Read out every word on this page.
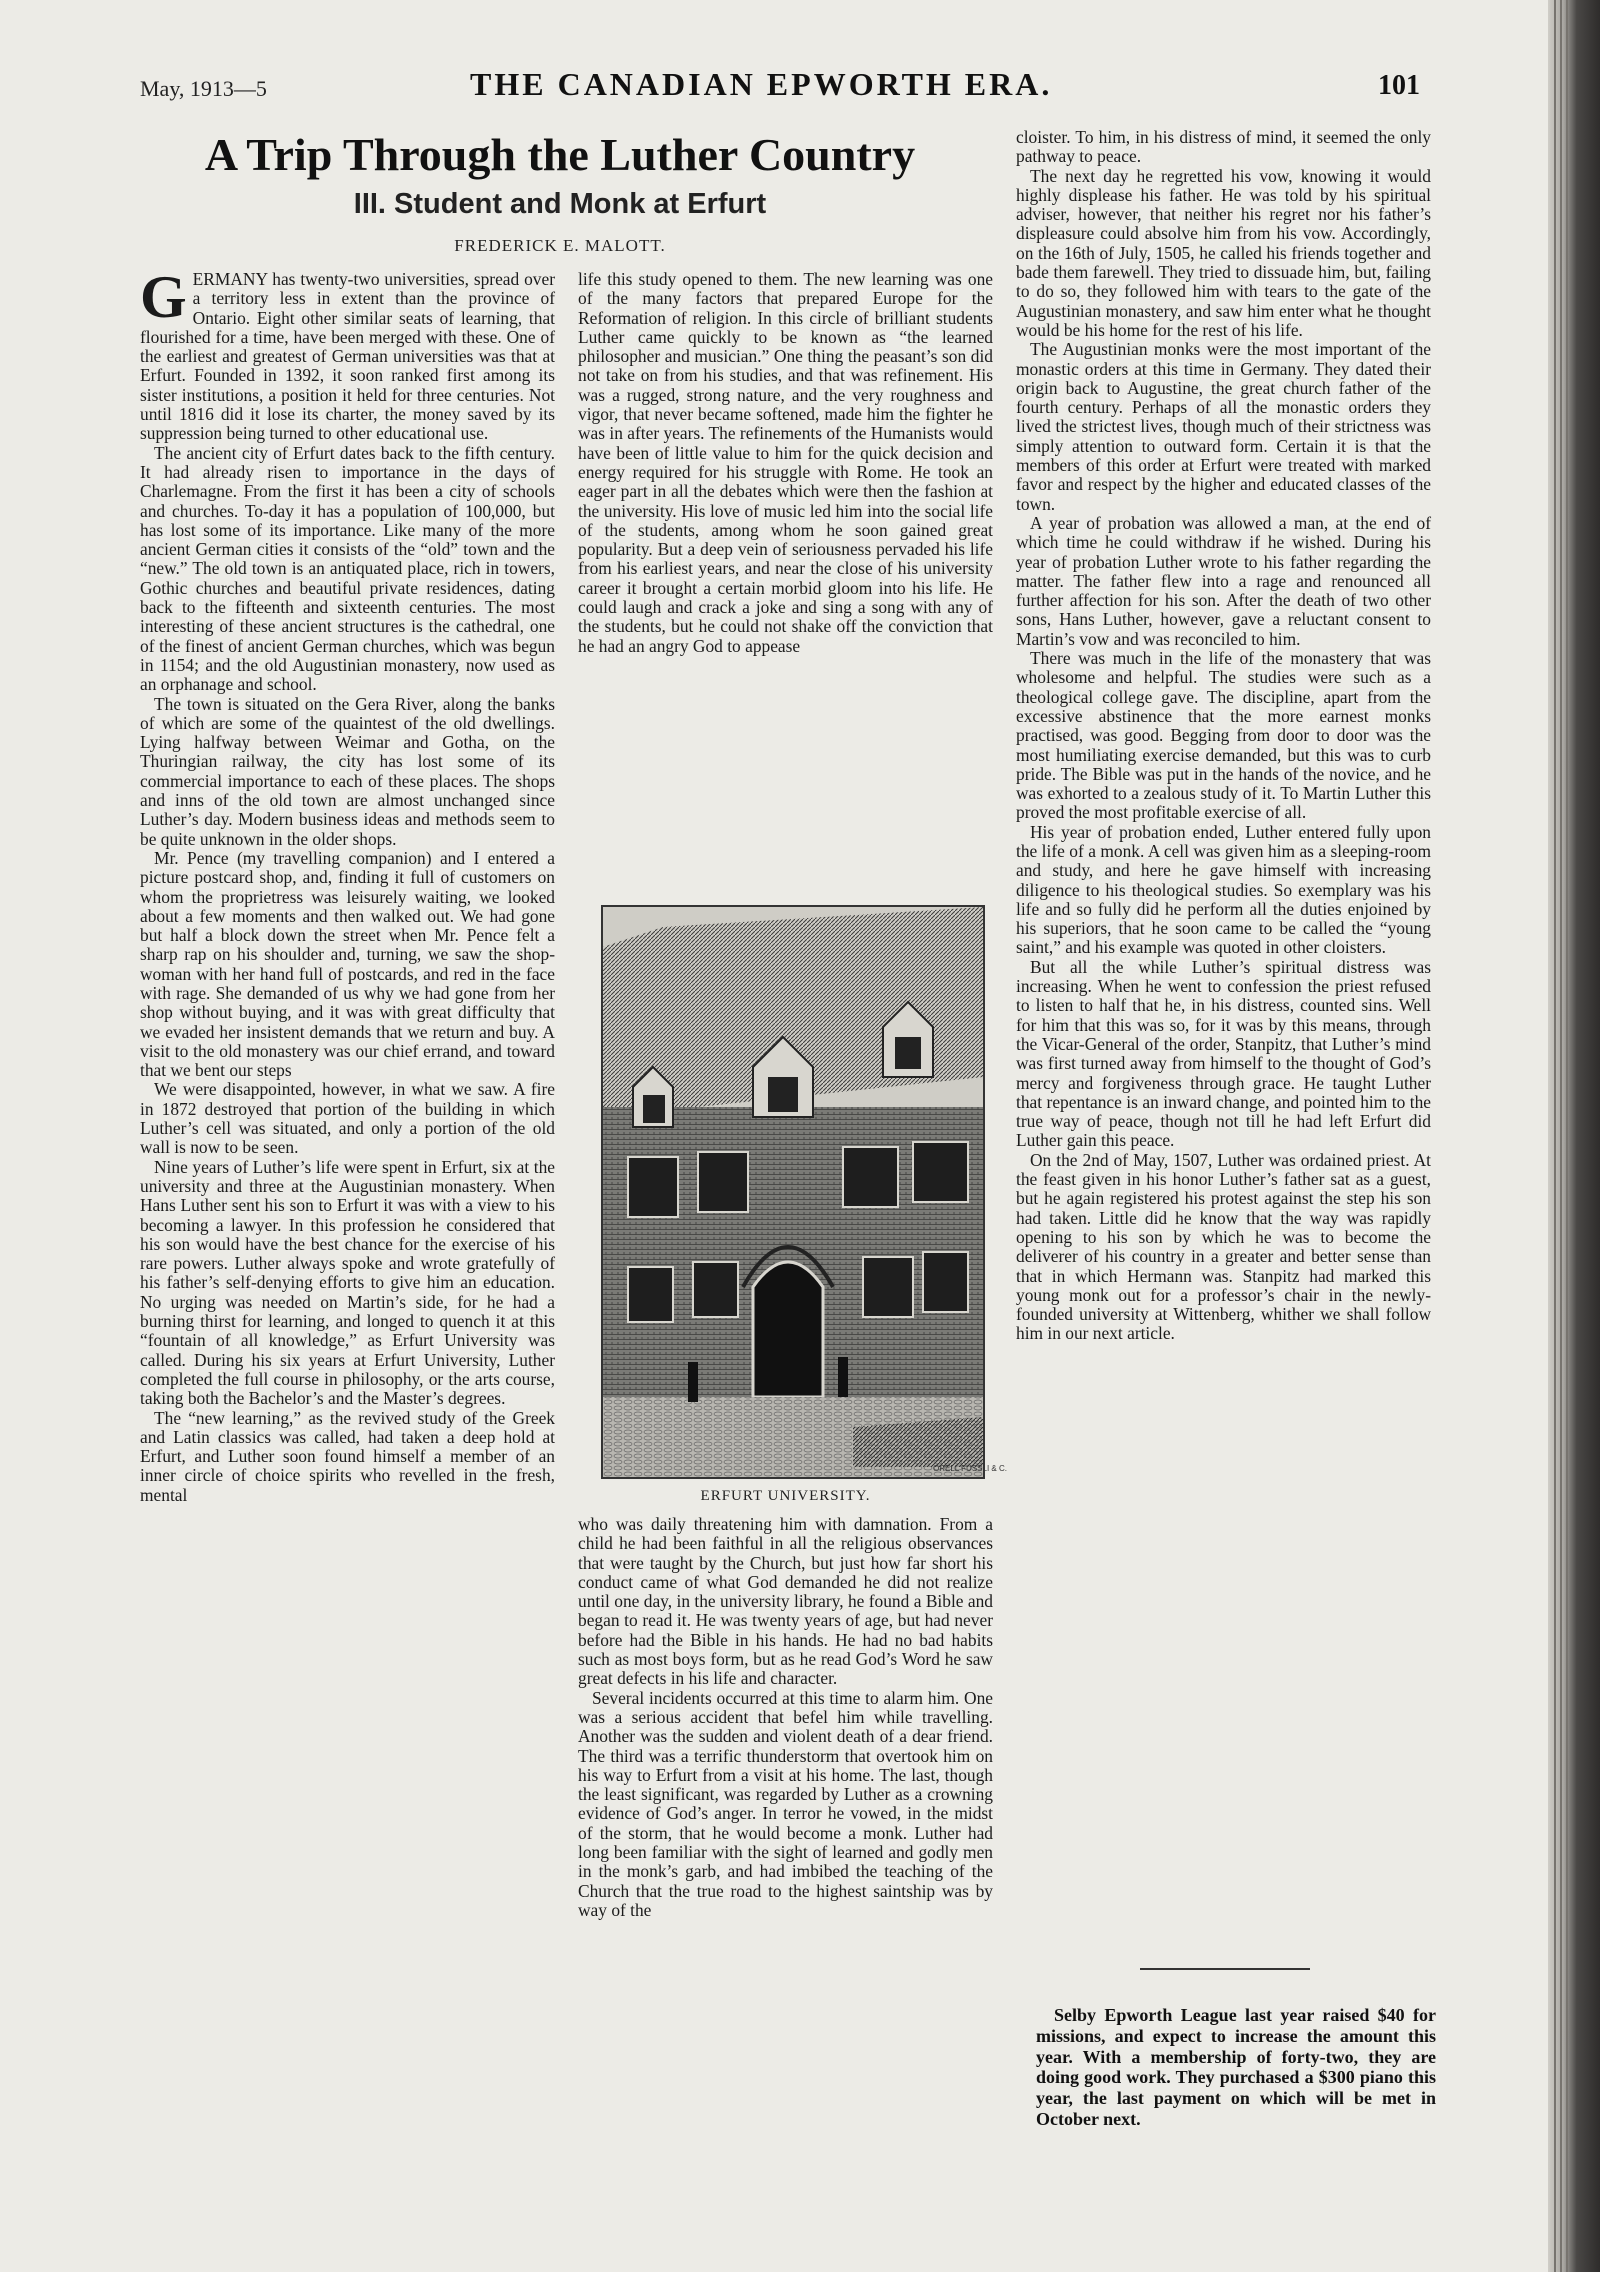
May, 1913—5	THE CANADIAN EPWORTH ERA.	101
A Trip Through the Luther Country
III. Student and Monk at Erfurt
FREDERICK E. MALOTT.

GERMANY has twenty-two universities, spread over a territory less in extent than the province of Ontario. Eight other similar seats of learning, that flourished for a time, have been merged with these. One of the earliest and greatest of German universities was that at Erfurt. Founded in 1392, it soon ranked first among its sister institutions, a position it held for three centuries. Not until 1816 did it lose its charter, the money saved by its suppression being turned to other educational use.

The ancient city of Erfurt dates back to the fifth century. It had already risen to importance in the days of Charlemagne. From the first it has been a city of schools and churches. To-day it has a population of 100,000, but has lost some of its importance. Like many of the more ancient German cities it consists of the “old” town and the “new.” The old town is an antiquated place, rich in towers, Gothic churches and beautiful private residences, dating back to the fifteenth and sixteenth centuries. The most interesting of these ancient structures is the cathedral, one of the finest of ancient German churches, which was begun in 1154; and the old Augustinian monastery, now used as an orphanage and school.

The town is situated on the Gera River, along the banks of which are some of the quaintest of the old dwellings. Lying halfway between Weimar and Gotha, on the Thuringian railway, the city has lost some of its commercial importance to each of these places. The shops and inns of the old town are almost unchanged since Luther’s day. Modern business ideas and methods seem to be quite unknown in the older shops.

Mr. Pence (my travelling companion) and I entered a picture postcard shop, and, finding it full of customers on whom the proprietress was leisurely waiting, we looked about a few moments and then walked out. We had gone but half a block down the street when Mr. Pence felt a sharp rap on his shoulder and, turning, we saw the shop-woman with her hand full of postcards, and red in the face with rage. She demanded of us why we had gone from her shop without buying, and it was with great difficulty that we evaded her insistent demands that we return and buy. A visit to the old monastery was our chief errand, and toward that we bent our steps

We were disappointed, however, in what we saw. A fire in 1872 destroyed that portion of the building in which Luther’s cell was situated, and only a portion of the old wall is now to be seen.

Nine years of Luther’s life were spent in Erfurt, six at the university and three at the Augustinian monastery. When Hans Luther sent his son to Erfurt it was with a view to his becoming a lawyer. In this profession he considered that his son would have the best chance for the exercise of his rare powers. Luther always spoke and wrote gratefully of his father’s self-denying efforts to give him an education. No urging was needed on Martin’s side, for he had a burning thirst for learning, and longed to quench it at this “fountain of all knowledge,” as Erfurt University was called. During his six years at Erfurt University, Luther completed the full course in philosophy, or the arts course, taking both the Bachelor’s and the Master’s degrees.

The “new learning,” as the revived study of the Greek and Latin classics was called, had taken a deep hold at Erfurt, and Luther soon found himself a member of an inner circle of choice spirits who revelled in the fresh, mental

life this study opened to them. The new learning was one of the many factors that prepared Europe for the Reformation of religion. In this circle of brilliant students Luther came quickly to be known as “the learned philosopher and musician.” One thing the peasant’s son did not take on from his studies, and that was refinement. His was a rugged, strong nature, and the very roughness and vigor, that never became softened, made him the fighter he was in after years. The refinements of the Humanists would have been of little value to him for the quick decision and energy required for his struggle with Rome. He took an eager part in all the debates which were then the fashion at the university. His love of music led him into the social life of the students, among whom he soon gained great popularity. But a deep vein of seriousness pervaded his life from his earliest years, and near the close of his university career it brought a certain morbid gloom into his life. He could laugh and crack a joke and sing a song with any of the students, but he could not shake off the conviction that he had an angry God to appease

ORELL FUSSLI & C.
ERFURT UNIVERSITY.

who was daily threatening him with damnation. From a child he had been faithful in all the religious observances that were taught by the Church, but just how far short his conduct came of what God demanded he did not realize until one day, in the university library, he found a Bible and began to read it. He was twenty years of age, but had never before had the Bible in his hands. He had no bad habits such as most boys form, but as he read God’s Word he saw great defects in his life and character.

Several incidents occurred at this time to alarm him. One was a serious accident that befel him while travelling. Another was the sudden and violent death of a dear friend. The third was a terrific thunderstorm that overtook him on his way to Erfurt from a visit at his home. The last, though the least significant, was regarded by Luther as a crowning evidence of God’s anger. In terror he vowed, in the midst of the storm, that he would become a monk. Luther had long been familiar with the sight of learned and godly men in the monk’s garb, and had imbibed the teaching of the Church that the true road to the highest saintship was by way of the

cloister. To him, in his distress of mind, it seemed the only pathway to peace.

The next day he regretted his vow, knowing it would highly displease his father. He was told by his spiritual adviser, however, that neither his regret nor his father’s displeasure could absolve him from his vow. Accordingly, on the 16th of July, 1505, he called his friends together and bade them farewell. They tried to dissuade him, but, failing to do so, they followed him with tears to the gate of the Augustinian monastery, and saw him enter what he thought would be his home for the rest of his life.

The Augustinian monks were the most important of the monastic orders at this time in Germany. They dated their origin back to Augustine, the great church father of the fourth century. Perhaps of all the monastic orders they lived the strictest lives, though much of their strictness was simply attention to outward form. Certain it is that the members of this order at Erfurt were treated with marked favor and respect by the higher and educated classes of the town.

A year of probation was allowed a man, at the end of which time he could withdraw if he wished. During his year of probation Luther wrote to his father regarding the matter. The father flew into a rage and renounced all further affection for his son. After the death of two other sons, Hans Luther, however, gave a reluctant consent to Martin’s vow and was reconciled to him.

There was much in the life of the monastery that was wholesome and helpful. The studies were such as a theological college gave. The discipline, apart from the excessive abstinence that the more earnest monks practised, was good. Begging from door to door was the most humiliating exercise demanded, but this was to curb pride. The Bible was put in the hands of the novice, and he was exhorted to a zealous study of it. To Martin Luther this proved the most profitable exercise of all.

His year of probation ended, Luther entered fully upon the life of a monk. A cell was given him as a sleeping-room and study, and here he gave himself with increasing diligence to his theological studies. So exemplary was his life and so fully did he perform all the duties enjoined by his superiors, that he soon came to be called the “young saint,” and his example was quoted in other cloisters.

But all the while Luther’s spiritual distress was increasing. When he went to confession the priest refused to listen to half that he, in his distress, counted sins. Well for him that this was so, for it was by this means, through the Vicar-General of the order, Stanpitz, that Luther’s mind was first turned away from himself to the thought of God’s mercy and forgiveness through grace. He taught Luther that repentance is an inward change, and pointed him to the true way of peace, though not till he had left Erfurt did Luther gain this peace.

On the 2nd of May, 1507, Luther was ordained priest. At the feast given in his honor Luther’s father sat as a guest, but he again registered his protest against the step his son had taken. Little did he know that the way was rapidly opening to his son by which he was to become the deliverer of his country in a greater and better sense than that in which Hermann was. Stanpitz had marked this young monk out for a professor’s chair in the newly-founded university at Wittenberg, whither we shall follow him in our next article.

Selby Epworth League last year raised $40 for missions, and expect to increase the amount this year. With a membership of forty-two, they are doing good work. They purchased a $300 piano this year, the last payment on which will be met in October next.
